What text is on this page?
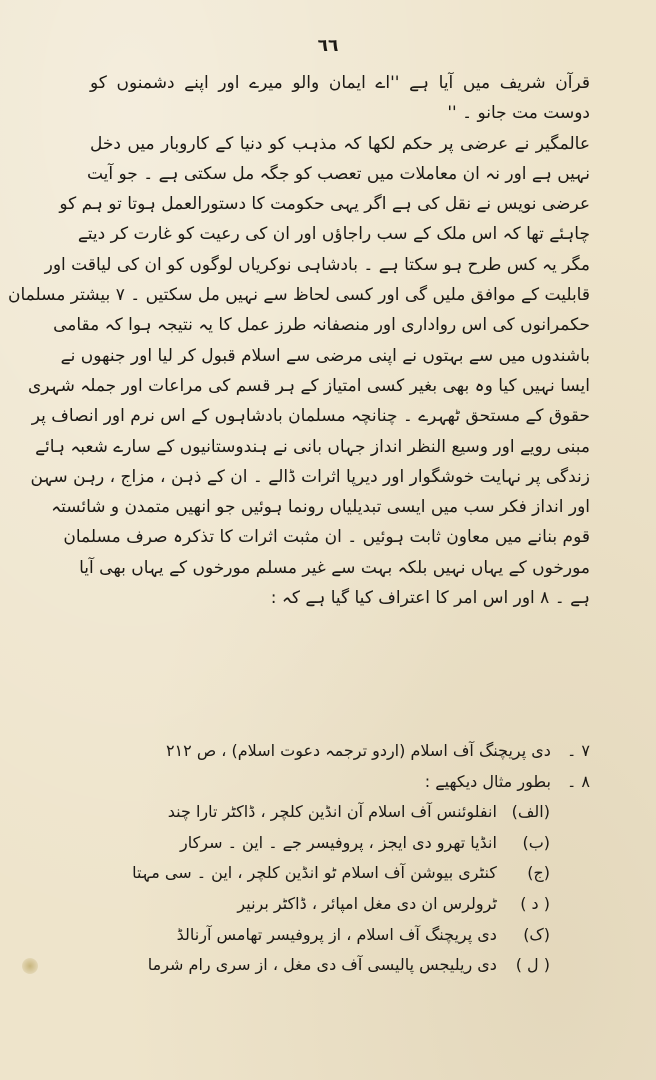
٦٦
قرآن شریف میں آیا ہے ''اے ایمان والو میرے اور اپنے دشمنوں کو
دوست مت جانو ۔ ''
عالمگیر نے عرضی پر حکم لکھا کہ مذہب کو دنیا کے کاروبار میں دخل
نہیں ہے اور نہ ان معاملات میں تعصب کو جگہ مل سکتی ہے ۔ جو آیت
عرضی نویس نے نقل کی ہے اگر یہی حکومت کا دستورالعمل ہوتا تو ہم کو
چاہئے تھا کہ اس ملک کے سب راجاؤں اور ان کی رعیت کو غارت کر دیتے
مگر یہ کس طرح ہو سکتا ہے ۔ بادشاہی نوکریاں لوگوں کو ان کی لیاقت اور
قابلیت کے موافق ملیں گی اور کسی لحاظ سے نہیں مل سکتیں ۔ ٧ بیشتر مسلمان
حکمرانوں کی اس رواداری اور منصفانہ طرز عمل کا یہ نتیجہ ہوا کہ مقامی
باشندوں میں سے بہتوں نے اپنی مرضی سے اسلام قبول کر لیا اور جنھوں نے
ایسا نہیں کیا وہ بھی بغیر کسی امتیاز کے ہر قسم کی مراعات اور جملہ شہری
حقوق کے مستحق ٹھہرے ۔ چنانچہ مسلمان بادشاہوں کے اس نرم اور انصاف پر
مبنی رویے اور وسیع النظر انداز جہاں بانی نے ہندوستانیوں کے سارے شعبہ ہائے
زندگی پر نہایت خوشگوار اور دیرپا اثرات ڈالے ۔ ان کے ذہن ، مزاج ، رہن سہن
اور انداز فکر سب میں ایسی تبدیلیاں رونما ہوئیں جو انھیں متمدن و شائستہ
قوم بنانے میں معاون ثابت ہوئیں ۔ ان مثبت اثرات کا تذکرہ صرف مسلمان
مورخوں کے یہاں نہیں بلکہ بہت سے غیر مسلم مورخوں کے یہاں بھی آیا
ہے ۔ ٨ اور اس امر کا اعتراف کیا گیا ہے کہ :
٧ ۔ دی پریچنگ آف اسلام (اردو ترجمہ دعوت اسلام) ، ص ٢١٢
٨ ۔ بطور مثال دیکھیے :
(الف) انفلوئنس آف اسلام آن انڈین کلچر ، ڈاکٹر تارا چند
(ب) انڈیا تھرو دی ایجز ، پروفیسر جے ۔ این ۔ سرکار
(ج) کنٹری بیوشن آف اسلام ٹو انڈین کلچر ، این ۔ سی مہتا
( د ) ٹرولرس ان دی مغل امپائر ، ڈاکٹر برنیر
(ک) دی پریچنگ آف اسلام ، از پروفیسر تھامس آرنالڈ
( ل ) دی ریلیجس پالیسی آف دی مغل ، از سری رام شرما
